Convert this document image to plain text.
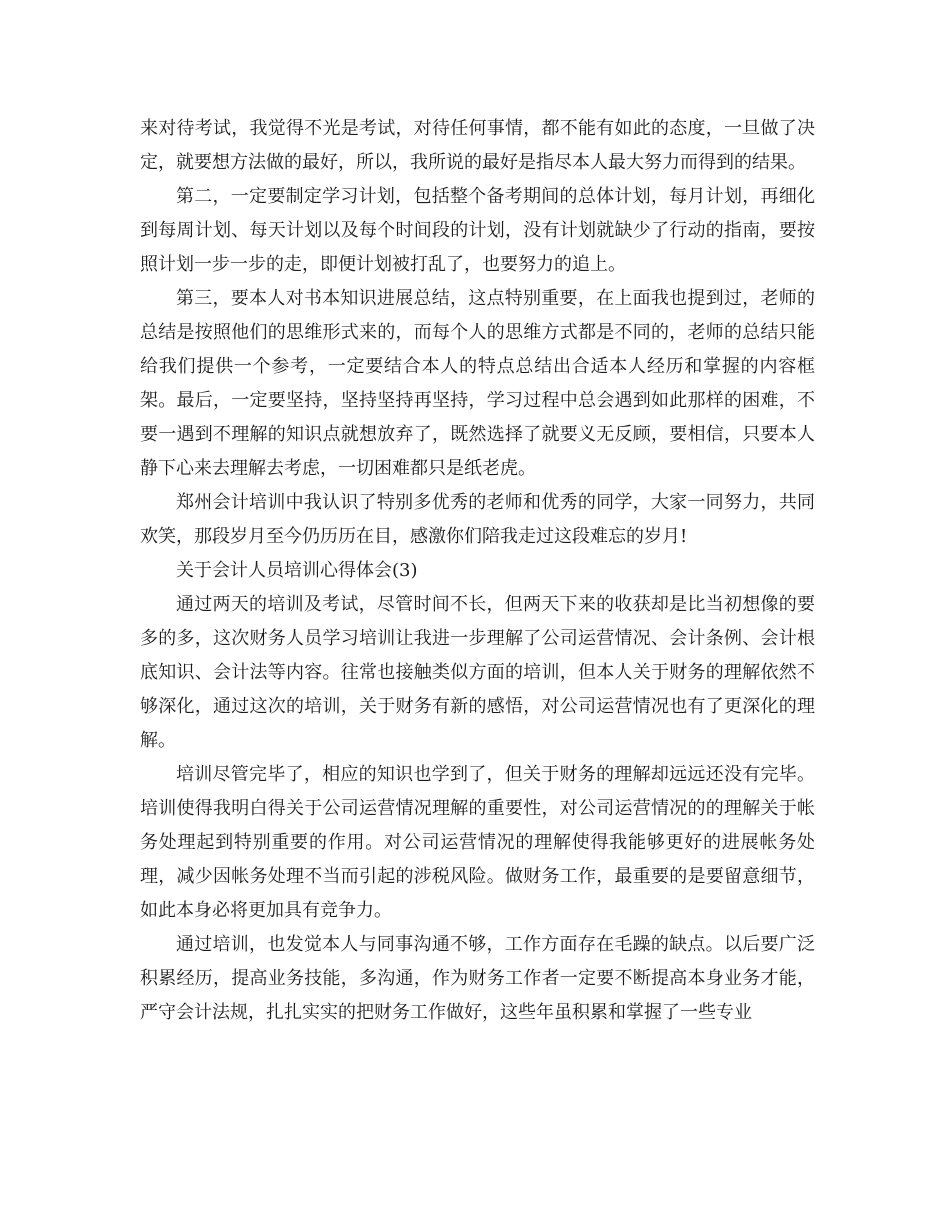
来对待考试，我觉得不光是考试，对待任何事情，都不能有如此的态度，一旦做了决定，就要想方法做的最好，所以，我所说的最好是指尽本人最大努力而得到的结果。

第二，一定要制定学习计划，包括整个备考期间的总体计划，每月计划，再细化到每周计划、每天计划以及每个时间段的计划，没有计划就缺少了行动的指南，要按照计划一步一步的走，即便计划被打乱了，也要努力的追上。

第三，要本人对书本知识进展总结，这点特别重要，在上面我也提到过，老师的总结是按照他们的思维形式来的，而每个人的思维方式都是不同的，老师的总结只能给我们提供一个参考，一定要结合本人的特点总结出合适本人经历和掌握的内容框架。最后，一定要坚持，坚持坚持再坚持，学习过程中总会遇到如此那样的困难，不要一遇到不理解的知识点就想放弃了，既然选择了就要义无反顾，要相信，只要本人静下心来去理解去考虑，一切困难都只是纸老虎。

郑州会计培训中我认识了特别多优秀的老师和优秀的同学，大家一同努力，共同欢笑，那段岁月至今仍历历在目，感激你们陪我走过这段难忘的岁月!

关于会计人员培训心得体会(3)

通过两天的培训及考试，尽管时间不长，但两天下来的收获却是比当初想像的要多的多，这次财务人员学习培训让我进一步理解了公司运营情况、会计条例、会计根底知识、会计法等内容。往常也接触类似方面的培训，但本人关于财务的理解依然不够深化，通过这次的培训，关于财务有新的感悟，对公司运营情况也有了更深化的理解。

培训尽管完毕了，相应的知识也学到了，但关于财务的理解却远远还没有完毕。培训使得我明白得关于公司运营情况理解的重要性，对公司运营情况的的理解关于帐务处理起到特别重要的作用。对公司运营情况的理解使得我能够更好的进展帐务处理，减少因帐务处理不当而引起的涉税风险。做财务工作，最重要的是要留意细节，如此本身必将更加具有竞争力。

通过培训，也发觉本人与同事沟通不够，工作方面存在毛躁的缺点。以后要广泛积累经历，提高业务技能，多沟通，作为财务工作者一定要不断提高本身业务才能，严守会计法规，扎扎实实的把财务工作做好，这些年虽积累和掌握了一些专业
